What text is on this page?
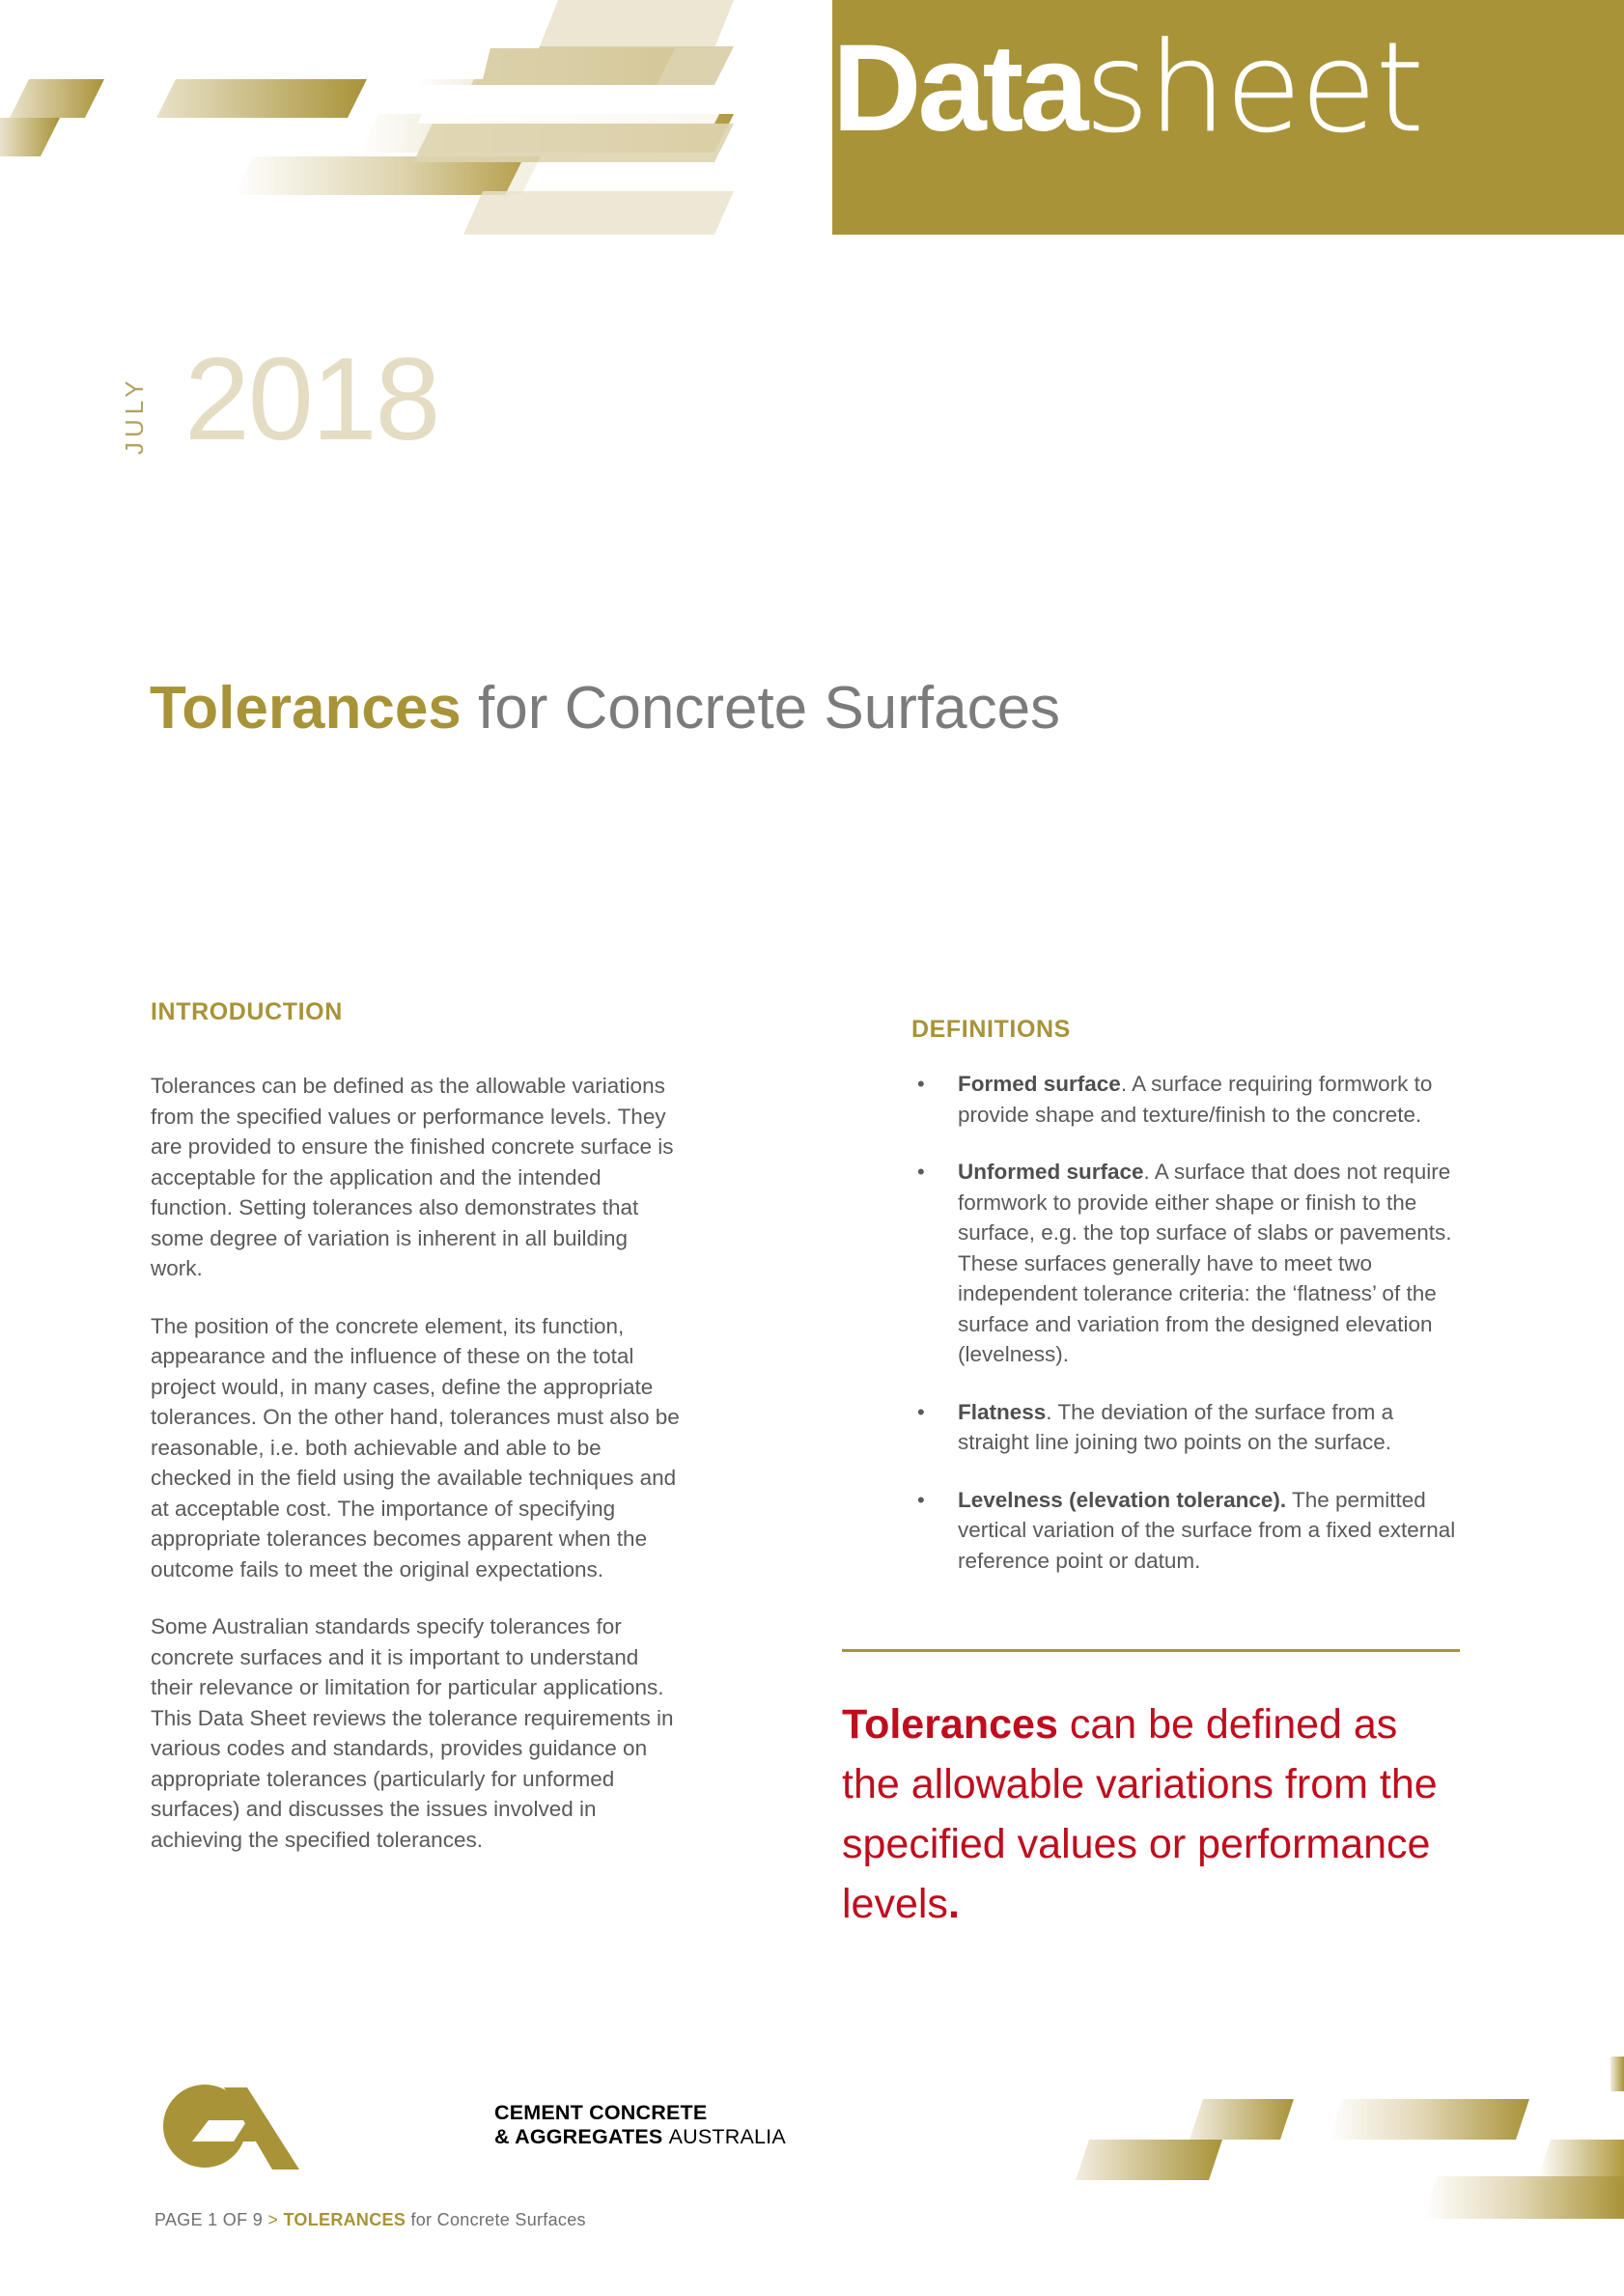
Datasheet
JULY 2018
Tolerances for Concrete Surfaces
INTRODUCTION

Tolerances can be defined as the allowable variations from the specified values or performance levels. They are provided to ensure the finished concrete surface is acceptable for the application and the intended function. Setting tolerances also demonstrates that some degree of variation is inherent in all building work.

The position of the concrete element, its function, appearance and the influence of these on the total project would, in many cases, define the appropriate tolerances. On the other hand, tolerances must also be reasonable, i.e. both achievable and able to be checked in the field using the available techniques and at acceptable cost. The importance of specifying appropriate tolerances becomes apparent when the outcome fails to meet the original expectations.

Some Australian standards specify tolerances for concrete surfaces and it is important to understand their relevance or limitation for particular applications. This Data Sheet reviews the tolerance requirements in various codes and standards, provides guidance on appropriate tolerances (particularly for unformed surfaces) and discusses the issues involved in achieving the specified tolerances.

DEFINITIONS
• Formed surface. A surface requiring formwork to provide shape and texture/finish to the concrete.
• Unformed surface. A surface that does not require formwork to provide either shape or finish to the surface, e.g. the top surface of slabs or pavements. These surfaces generally have to meet two independent tolerance criteria: the ‘flatness’ of the surface and variation from the designed elevation (levelness).
• Flatness. The deviation of the surface from a straight line joining two points on the surface.
• Levelness (elevation tolerance). The permitted vertical variation of the surface from a fixed external reference point or datum.
Tolerances can be defined as the allowable variations from the specified values or performance levels.
CEMENT CONCRETE
& AGGREGATES AUSTRALIA
PAGE 1 OF 9 > TOLERANCES for Concrete Surfaces
